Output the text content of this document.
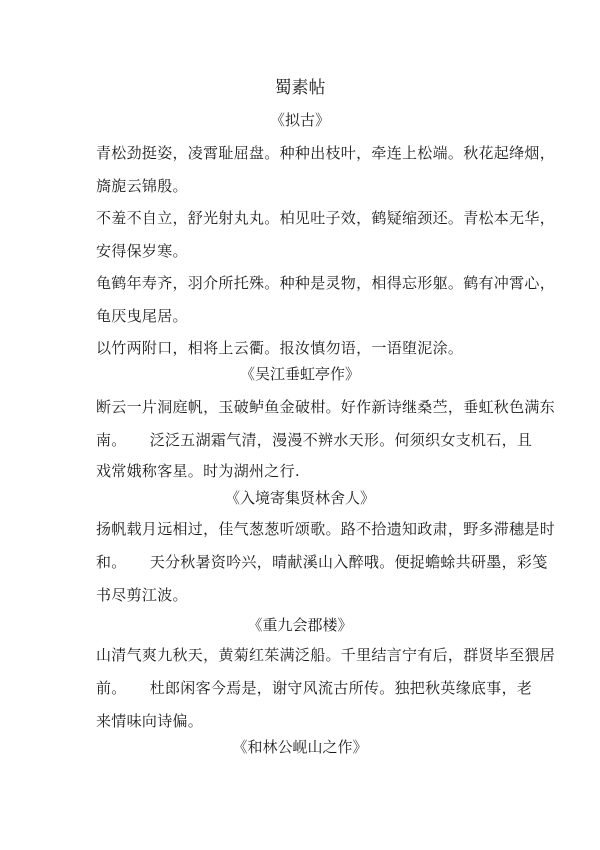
蜀素帖
《拟古》
青松劲挺姿，凌霄耻屈盘。种种出枝叶，牵连上松端。秋花起绛烟，
旖旎云锦殷。
不羞不自立，舒光射丸丸。柏见吐子效，鹤疑缩颈还。青松本无华，
安得保岁寒。
龟鹤年寿齐，羽介所托殊。种种是灵物，相得忘形躯。鹤有冲霄心，
龟厌曳尾居。
以竹两附口，相将上云衢。报汝慎勿语，一语堕泥涂。
《吴江垂虹亭作》
断云一片洞庭帆，玉破鲈鱼金破柑。好作新诗继桑苎，垂虹秋色满东
南。　　泛泛五湖霜气清，漫漫不辨水天形。何须织女支机石，且
戏常娥称客星。时为湖州之行.
《入境寄集贤林舍人》
扬帆载月远相过，佳气葱葱听颂歌。路不拾遗知政肃，野多滞穗是时
和。　　天分秋暑资吟兴，晴献溪山入醉哦。便捉蟾蜍共研墨，彩笺
书尽剪江波。
《重九会郡楼》
山清气爽九秋天，黄菊红茱满泛船。千里结言宁有后，群贤毕至猥居
前。　　杜郎闲客今焉是，谢守风流古所传。独把秋英缘底事，老
来情味向诗偏。
《和林公岘山之作》
